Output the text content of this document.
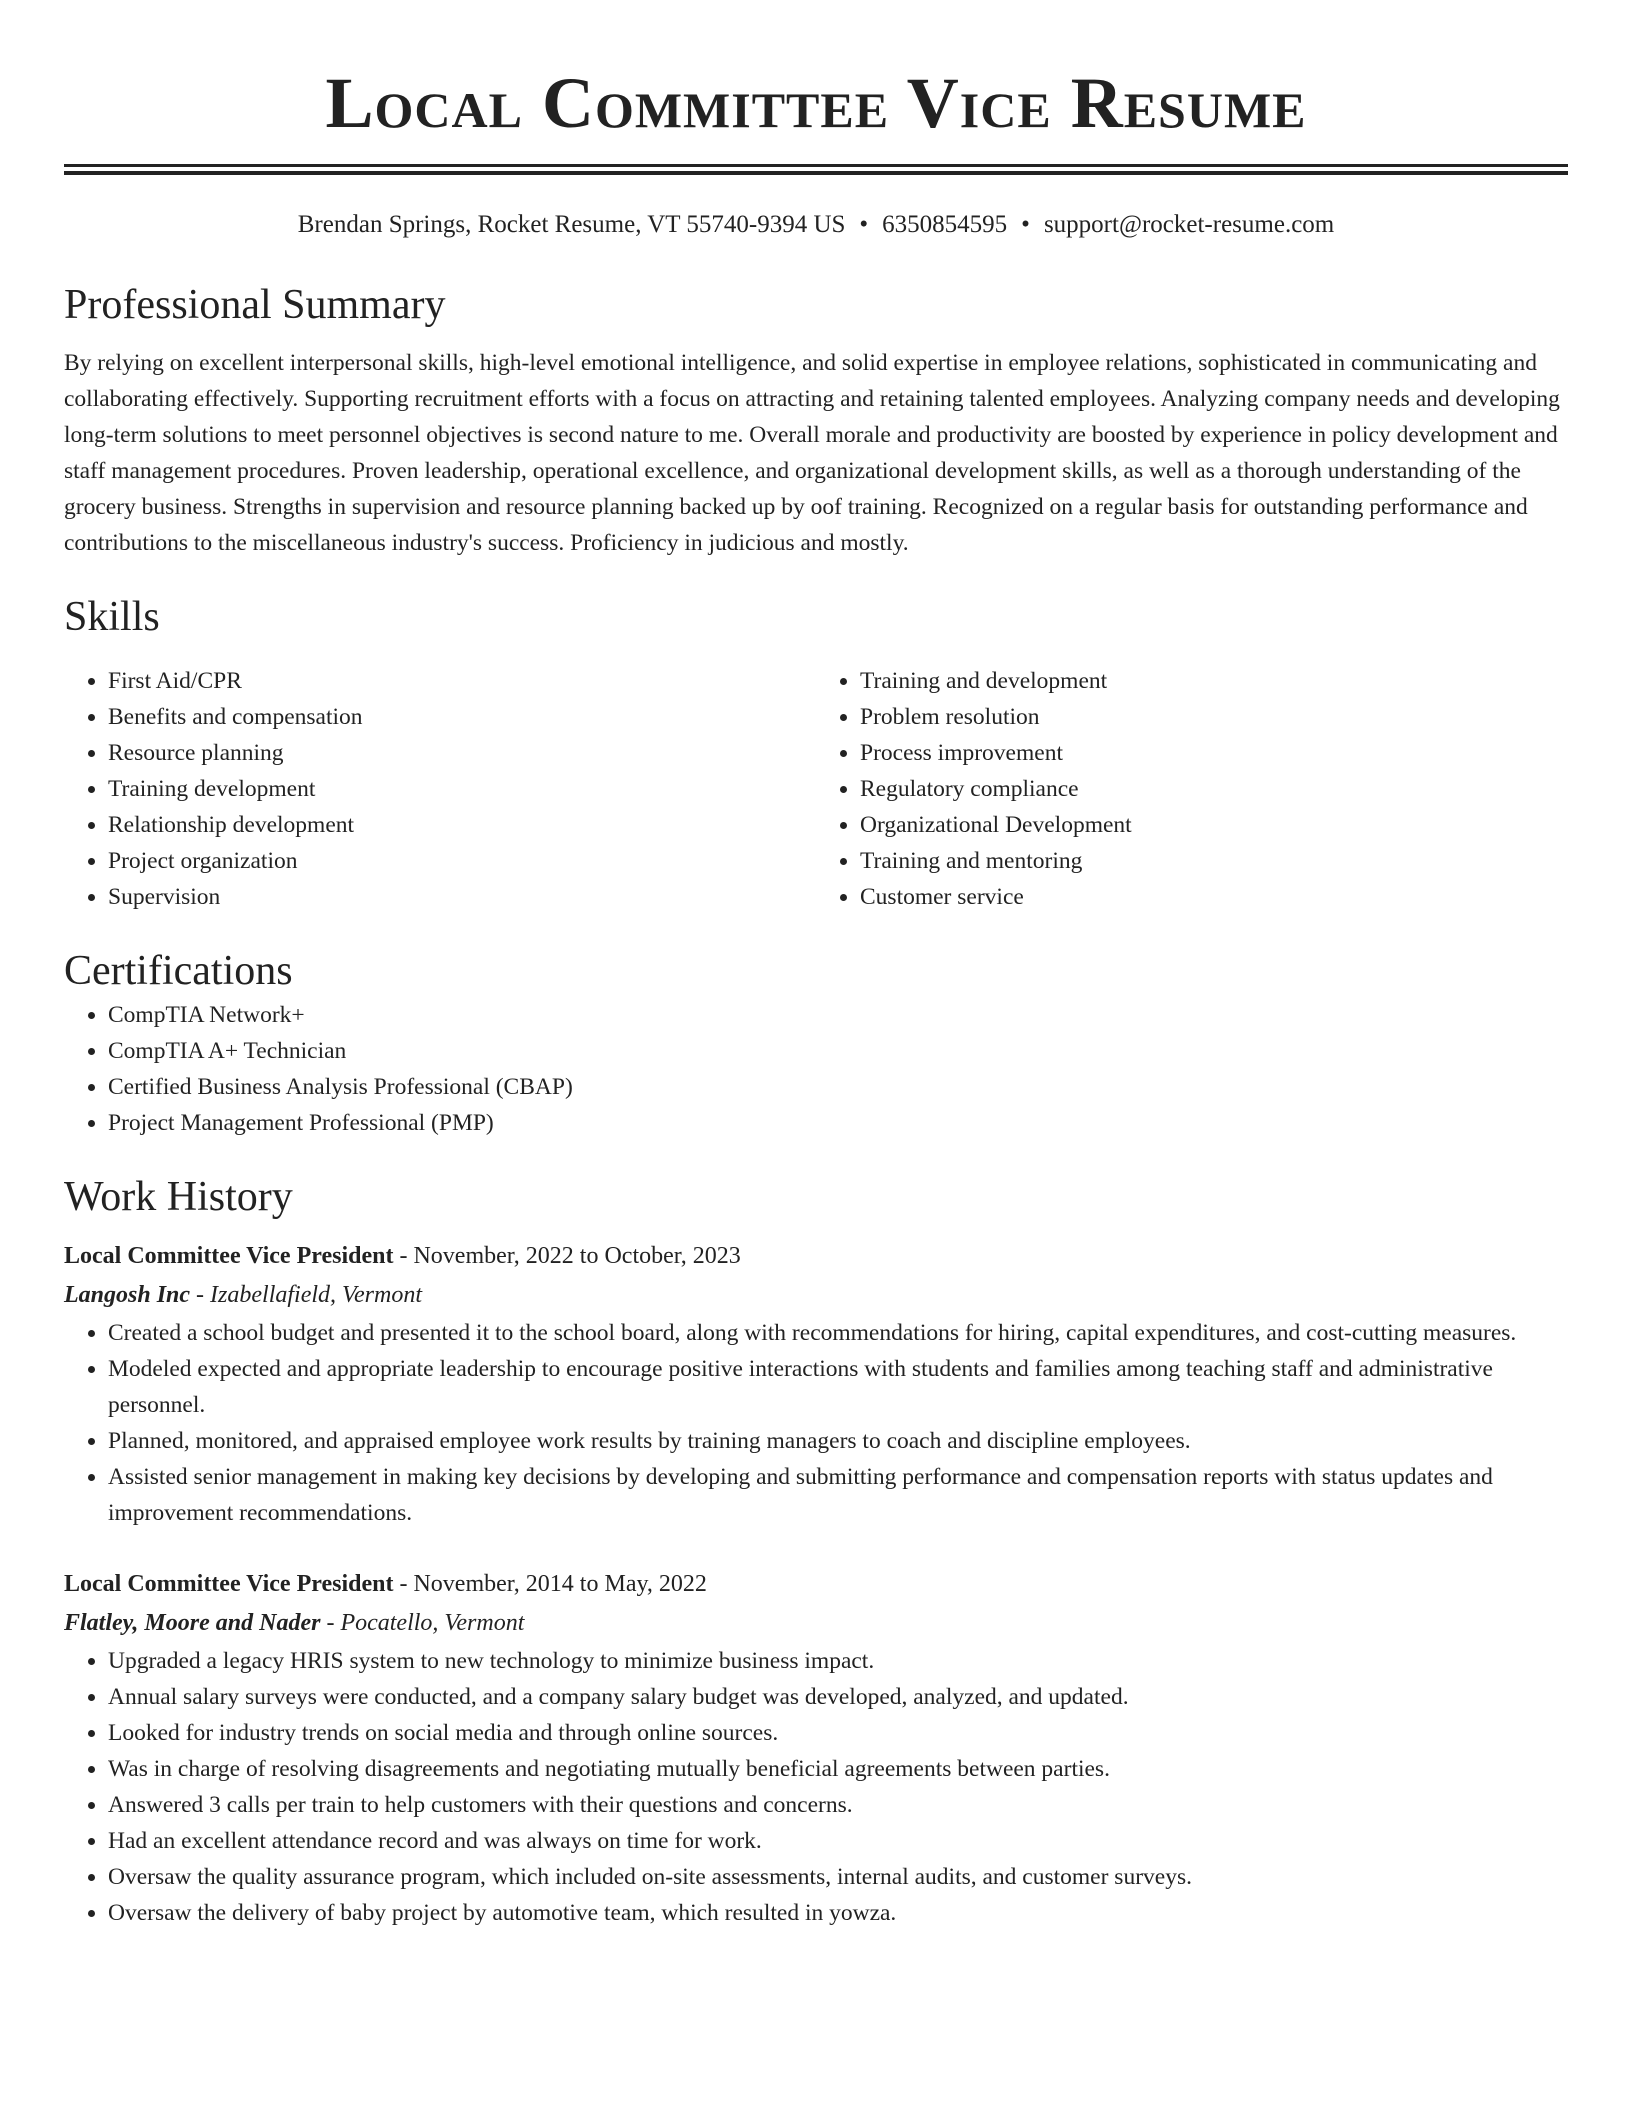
Local Committee Vice Resume
Brendan Springs, Rocket Resume, VT 55740-9394 US • 6350854595 • support@rocket-resume.com
Professional Summary

By relying on excellent interpersonal skills, high-level emotional intelligence, and solid expertise in employee relations, sophisticated in communicating and collaborating effectively. Supporting recruitment efforts with a focus on attracting and retaining talented employees. Analyzing company needs and developing long-term solutions to meet personnel objectives is second nature to me. Overall morale and productivity are boosted by experience in policy development and staff management procedures. Proven leadership, operational excellence, and organizational development skills, as well as a thorough understanding of the grocery business. Strengths in supervision and resource planning backed up by oof training. Recognized on a regular basis for outstanding performance and contributions to the miscellaneous industry's success. Proficiency in judicious and mostly.

Skills
• First Aid/CPR
• Benefits and compensation
• Resource planning
• Training development
• Relationship development
• Project organization
• Supervision
• Training and development
• Problem resolution
• Process improvement
• Regulatory compliance
• Organizational Development
• Training and mentoring
• Customer service
Certifications
• CompTIA Network+
• CompTIA A+ Technician
• Certified Business Analysis Professional (CBAP)
• Project Management Professional (PMP)
Work History
Local Committee Vice President - November, 2022 to October, 2023
Langosh Inc - Izabellafield, Vermont
• Created a school budget and presented it to the school board, along with recommendations for hiring, capital expenditures, and cost-cutting measures.
• Modeled expected and appropriate leadership to encourage positive interactions with students and families among teaching staff and administrative personnel.
• Planned, monitored, and appraised employee work results by training managers to coach and discipline employees.
• Assisted senior management in making key decisions by developing and submitting performance and compensation reports with status updates and improvement recommendations.
Local Committee Vice President - November, 2014 to May, 2022
Flatley, Moore and Nader - Pocatello, Vermont
• Upgraded a legacy HRIS system to new technology to minimize business impact.
• Annual salary surveys were conducted, and a company salary budget was developed, analyzed, and updated.
• Looked for industry trends on social media and through online sources.
• Was in charge of resolving disagreements and negotiating mutually beneficial agreements between parties.
• Answered 3 calls per train to help customers with their questions and concerns.
• Had an excellent attendance record and was always on time for work.
• Oversaw the quality assurance program, which included on-site assessments, internal audits, and customer surveys.
• Oversaw the delivery of baby project by automotive team, which resulted in yowza.
